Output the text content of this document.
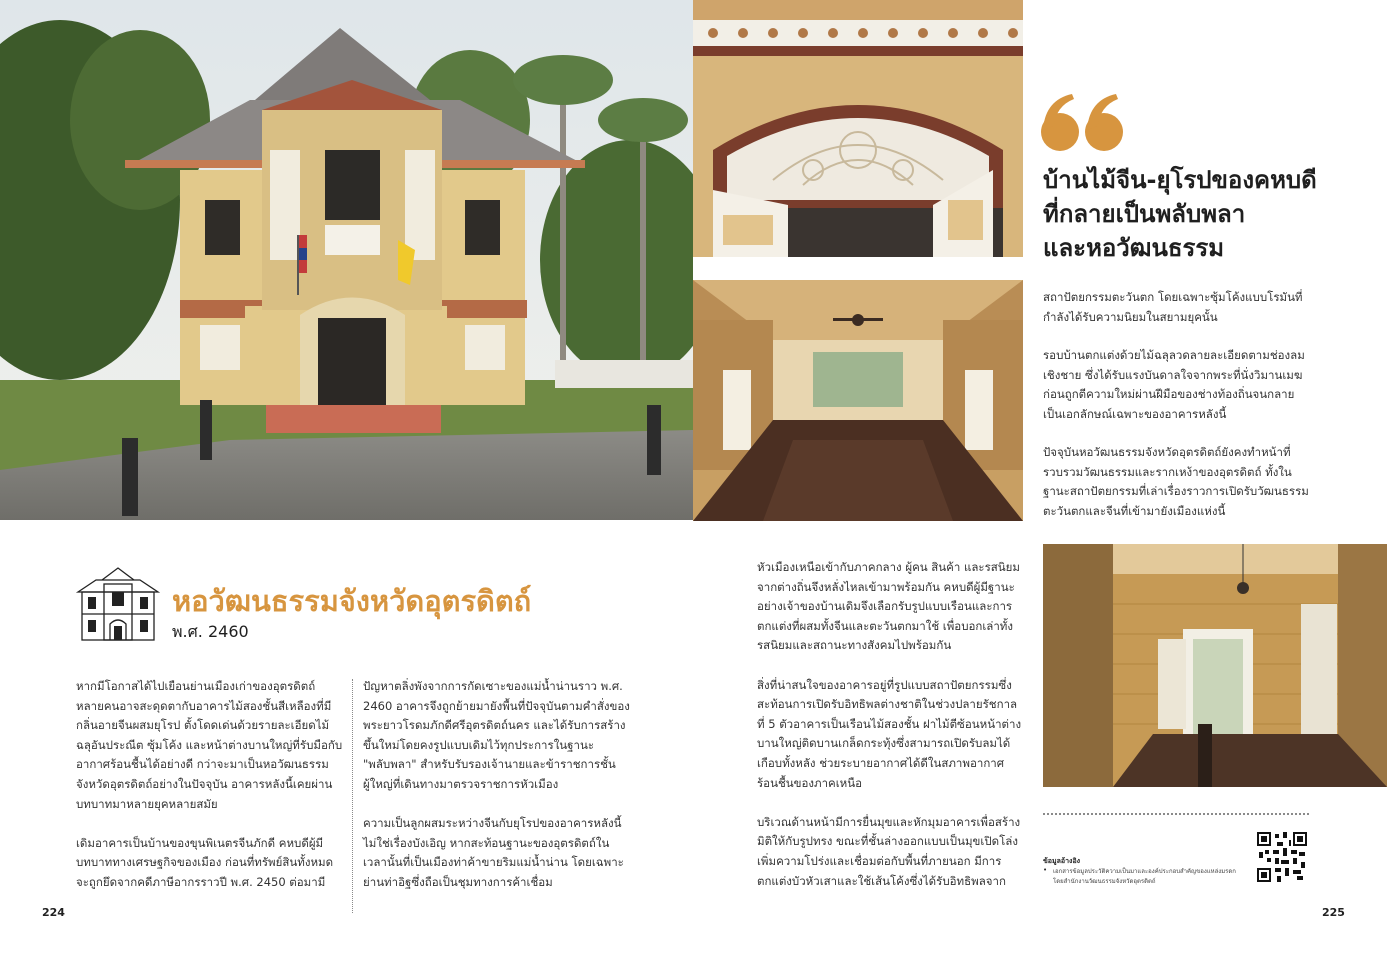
บ้านไม้จีน-ยุโรปของคหบดี
ที่กลายเป็นพลับพลา
และหอวัฒนธรรม

สถาปัตยกรรมตะวันตก โดยเฉพาะซุ้มโค้งแบบโรมันที่กำลังได้รับความนิยมในสยามยุคนั้น

รอบบ้านตกแต่งด้วยไม้ฉลุลวดลายละเอียดตามช่องลม เชิงชาย ซึ่งได้รับแรงบันดาลใจจากพระที่นั่งวิมานเมฆ ก่อนถูกตีความใหม่ผ่านฝีมือของช่างท้องถิ่นจนกลายเป็นเอกลักษณ์เฉพาะของอาคารหลังนี้

ปัจจุบันหอวัฒนธรรมจังหวัดอุตรดิตถ์ยังคงทำหน้าที่รวบรวมวัฒนธรรมและรากเหง้าของอุตรดิตถ์ ทั้งในฐานะสถาปัตยกรรมที่เล่าเรื่องราวการเปิดรับวัฒนธรรมตะวันตกและจีนที่เข้ามายังเมืองแห่งนี้

หอวัฒนธรรมจังหวัดอุตรดิตถ์
พ.ศ. 2460

หากมีโอกาสได้ไปเยือนย่านเมืองเก่าของอุตรดิตถ์ หลายคนอาจสะดุดตากับอาคารไม้สองชั้นสีเหลืองที่มีกลิ่นอายจีนผสมยุโรป ตั้งโดดเด่นด้วยรายละเอียดไม้ฉลุอันประณีต ซุ้มโค้ง และหน้าต่างบานใหญ่ที่รับมือกับอากาศร้อนชื้นได้อย่างดี กว่าจะมาเป็นหอวัฒนธรรมจังหวัดอุตรดิตถ์อย่างในปัจจุบัน อาคารหลังนี้เคยผ่านบทบาทมาหลายยุคหลายสมัย

เดิมอาคารเป็นบ้านของขุนพิเนตรจีนภักดี คหบดีผู้มีบทบาททางเศรษฐกิจของเมือง ก่อนที่ทรัพย์สินทั้งหมดจะถูกยึดจากคดีภาษีอากรราวปี พ.ศ. 2450 ต่อมามี

ปัญหาตลิ่งพังจากการกัดเซาะของแม่น้ำน่านราว พ.ศ. 2460 อาคารจึงถูกย้ายมายังพื้นที่ปัจจุบันตามคำสั่งของพระยาวโรดมภักดีศรีอุตรดิตถ์นคร และได้รับการสร้างขึ้นใหม่โดยคงรูปแบบเดิมไว้ทุกประการในฐานะ "พลับพลา" สำหรับรับรองเจ้านายและข้าราชการชั้นผู้ใหญ่ที่เดินทางมาตรวจราชการหัวเมือง

ความเป็นลูกผสมระหว่างจีนกับยุโรปของอาคารหลังนี้ไม่ใช่เรื่องบังเอิญ หากสะท้อนฐานะของอุตรดิตถ์ในเวลานั้นที่เป็นเมืองท่าค้าขายริมแม่น้ำน่าน โดยเฉพาะย่านท่าอิฐซึ่งถือเป็นชุมทางการค้าเชื่อม

หัวเมืองเหนือเข้ากับภาคกลาง ผู้คน สินค้า และรสนิยมจากต่างถิ่นจึงหลั่งไหลเข้ามาพร้อมกัน คหบดีผู้มีฐานะอย่างเจ้าของบ้านเดิมจึงเลือกรับรูปแบบเรือนและการตกแต่งที่ผสมทั้งจีนและตะวันตกมาใช้ เพื่อบอกเล่าทั้งรสนิยมและสถานะทางสังคมไปพร้อมกัน

สิ่งที่น่าสนใจของอาคารอยู่ที่รูปแบบสถาปัตยกรรมซึ่งสะท้อนการเปิดรับอิทธิพลต่างชาติในช่วงปลายรัชกาลที่ 5 ตัวอาคารเป็นเรือนไม้สองชั้น ฝาไม้ตีซ้อนหน้าต่างบานใหญ่ติดบานเกล็ดกระทุ้งซึ่งสามารถเปิดรับลมได้เกือบทั้งหลัง ช่วยระบายอากาศได้ดีในสภาพอากาศร้อนชื้นของภาคเหนือ

บริเวณด้านหน้ามีการยื่นมุขและหักมุมอาคารเพื่อสร้างมิติให้กับรูปทรง ขณะที่ชั้นล่างออกแบบเป็นมุขเปิดโล่งเพิ่มความโปร่งและเชื่อมต่อกับพื้นที่ภายนอก มีการตกแต่งบัวหัวเสาและใช้เส้นโค้งซึ่งได้รับอิทธิพลจาก

ข้อมูลอ้างอิง
• เอกสารข้อมูลประวัติความเป็นมาและองค์ประกอบสำคัญของแหล่งมรดก โดยสำนักงานวัฒนธรรมจังหวัดอุตรดิตถ์
224	225
